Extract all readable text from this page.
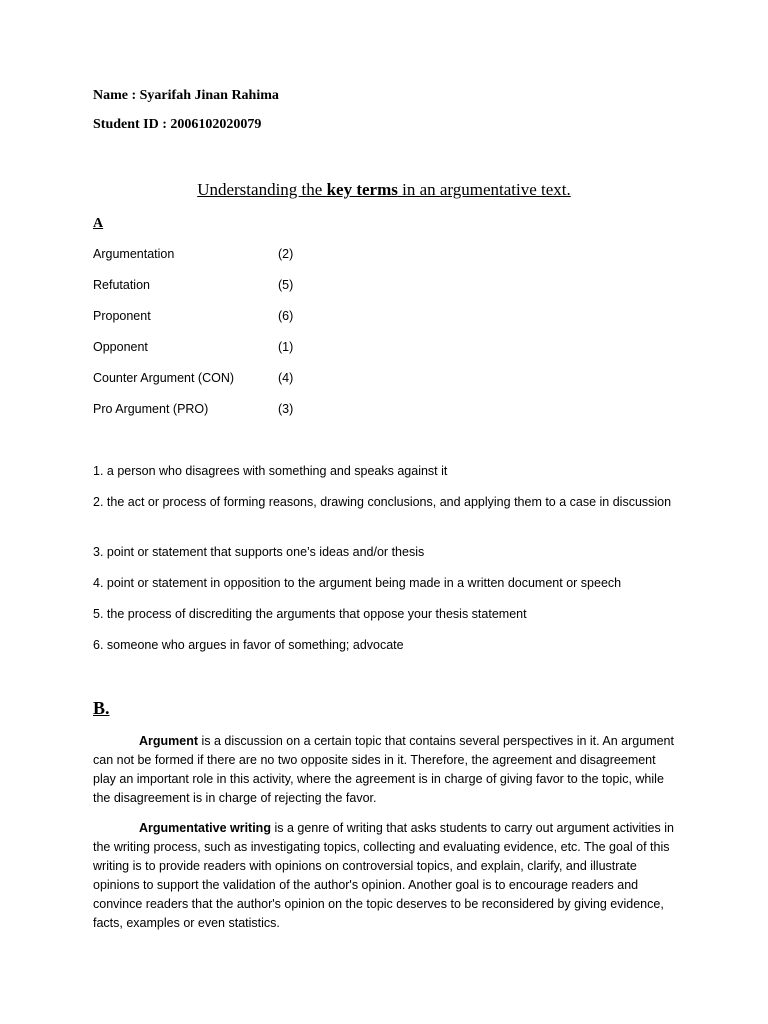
Name : Syarifah Jinan Rahima
Student ID : 2006102020079
Understanding the key terms in an argumentative text.
A
Argumentation	(2)
Refutation	(5)
Proponent	(6)
Opponent	(1)
Counter Argument (CON)	(4)
Pro Argument (PRO)	(3)
1. a person who disagrees with something and speaks against it
2. the act or process of forming reasons, drawing conclusions, and applying them to a case in discussion
3. point or statement that supports one’s ideas and/or thesis
4. point or statement in opposition to the argument being made in a written document or speech
5. the process of discrediting the arguments that oppose your thesis statement
6. someone who argues in favor of something; advocate
B.
Argument is a discussion on a certain topic that contains several perspectives in it. An argument can not be formed if there are no two opposite sides in it. Therefore, the agreement and disagreement play an important role in this activity, where the agreement is in charge of giving favor to the topic, while the disagreement is in charge of rejecting the favor.
Argumentative writing is a genre of writing that asks students to carry out argument activities in the writing process, such as investigating topics, collecting and evaluating evidence, etc. The goal of this writing is to provide readers with opinions on controversial topics, and explain, clarify, and illustrate opinions to support the validation of the author's opinion. Another goal is to encourage readers and convince readers that the author's opinion on the topic deserves to be reconsidered by giving evidence, facts, examples or even statistics.
